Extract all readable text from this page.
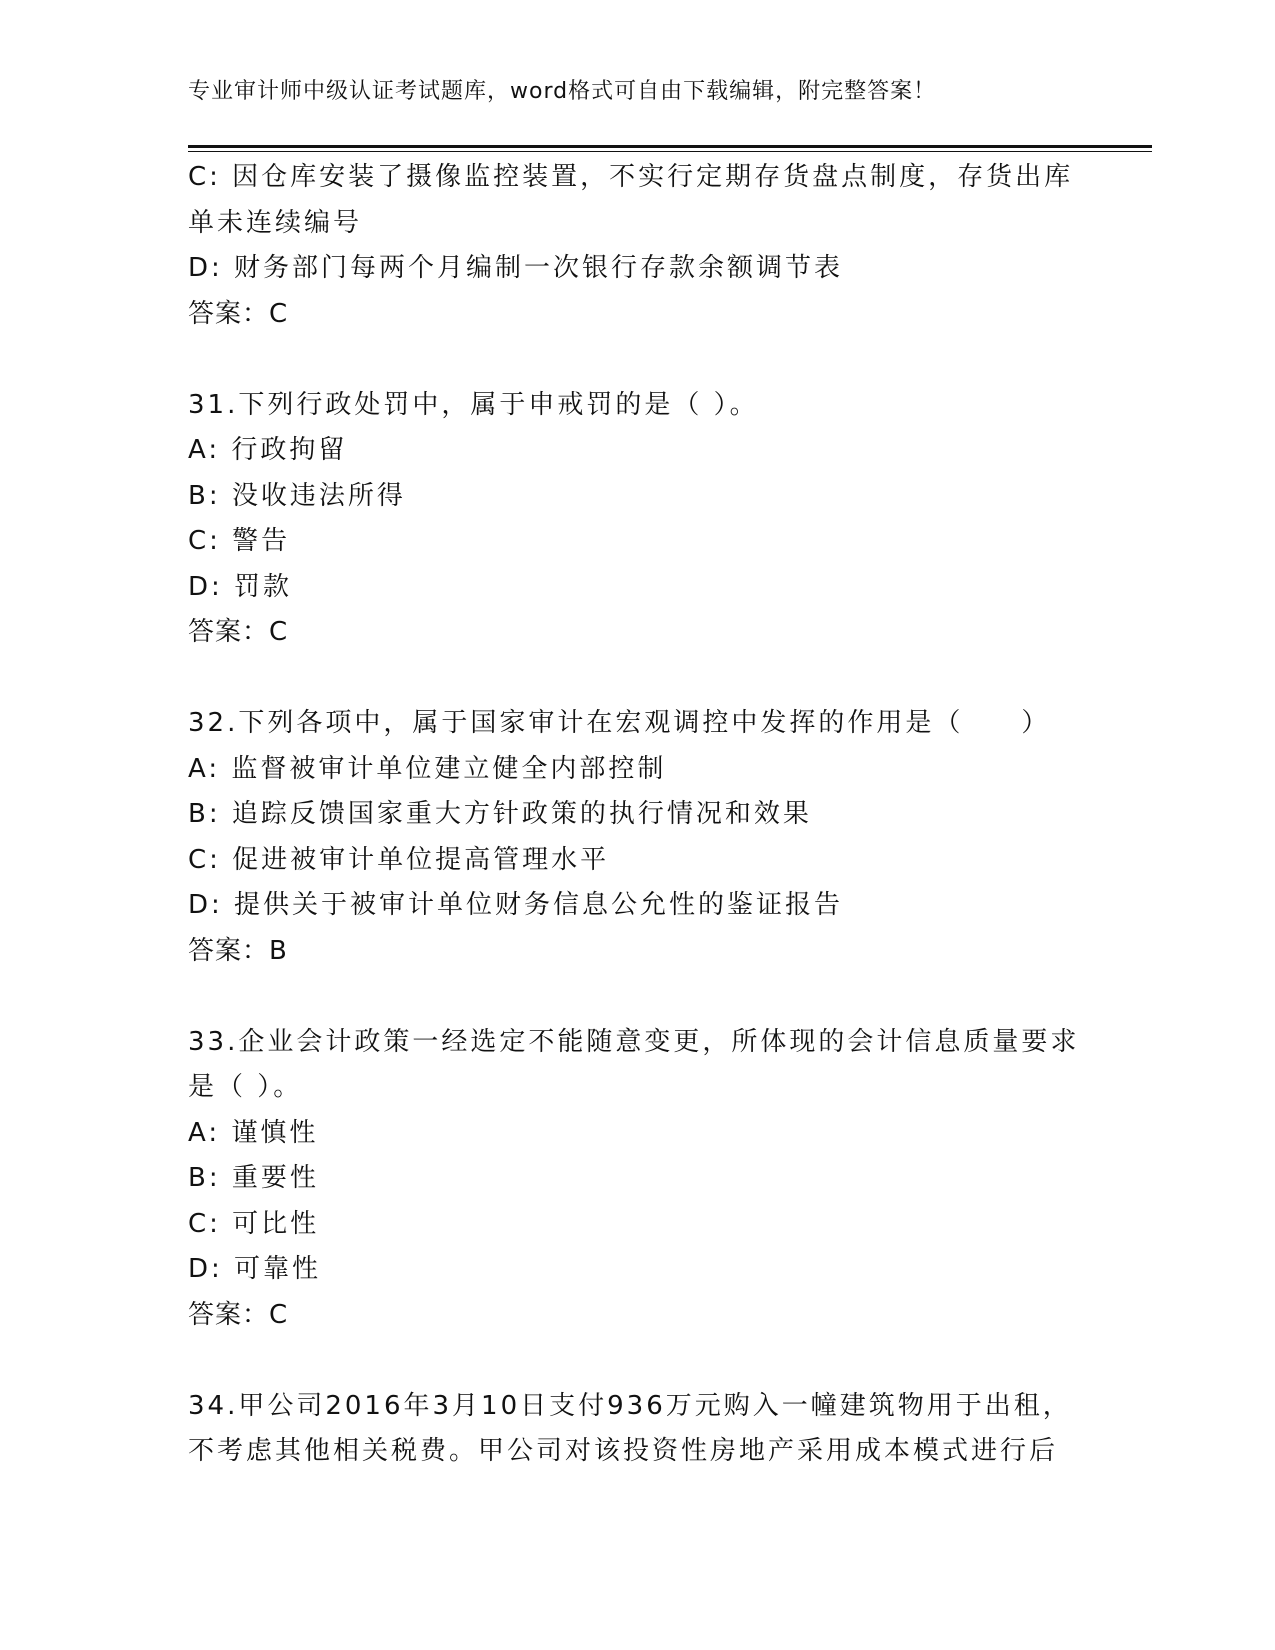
专业审计师中级认证考试题库，word格式可自由下载编辑，附完整答案！
C: 因仓库安装了摄像监控装置，不实行定期存货盘点制度，存货出库
单未连续编号
D: 财务部门每两个月编制一次银行存款余额调节表
答案：C
31.下列行政处罚中，属于申戒罚的是（ ）。
A: 行政拘留
B: 没收违法所得
C: 警告
D: 罚款
答案：C
32.下列各项中，属于国家审计在宏观调控中发挥的作用是（　　）
A: 监督被审计单位建立健全内部控制
B: 追踪反馈国家重大方针政策的执行情况和效果
C: 促进被审计单位提高管理水平
D: 提供关于被审计单位财务信息公允性的鉴证报告
答案：B
33.企业会计政策一经选定不能随意变更，所体现的会计信息质量要求
是（ ）。
A: 谨慎性
B: 重要性
C: 可比性
D: 可靠性
答案：C
34.甲公司2016年3月10日支付936万元购入一幢建筑物用于出租，
不考虑其他相关税费。甲公司对该投资性房地产采用成本模式进行后
